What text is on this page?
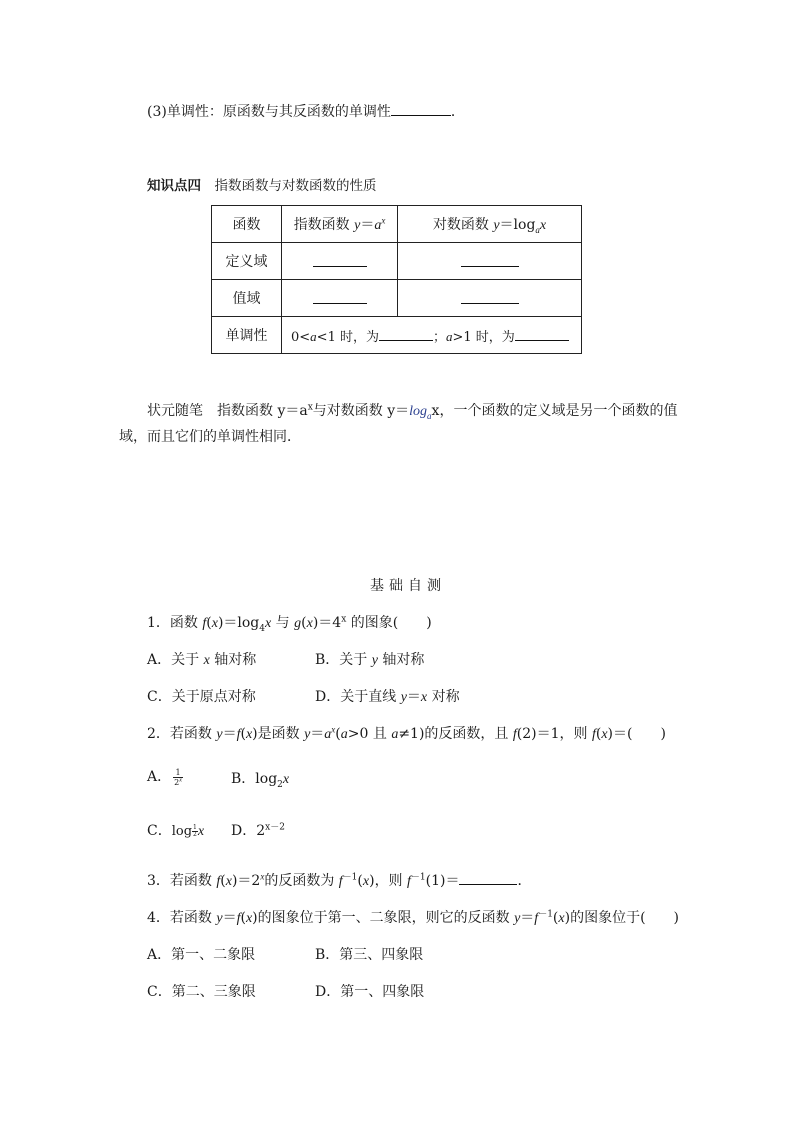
(3)单调性：原函数与其反函数的单调性	．
知识点四　 指数函数与对数函数的性质
函数	指数函数 $y=a^x$	对数函数 $y=\log_ax$
定义域		
值域		
单调性	0<a<1 时，为 ；a>1 时，为	
状元随笔　 指数函数 $y=a^x$与对数函数 $y=\log_ax$，一个函数的定义域是另一个函数的值
域，而且它们的单调性相同．
基础自测
1．函数 $f(x)=\log_4x$ 与 $g(x)=4^x$ 的图象(　　)
A．关于 x 轴对称	B．关于 y 轴对称
C．关于原点对称	D．关于直线 y＝x 对称
2．若函数 y＝f(x)是函数 $y=a^x(a>0$ 且 a≠1)的反函数，且 f(2)＝1，则 f(x)＝(　　)
A． $\frac{1}{2^x}$	B．$\log_2x$
C．$\log \frac{1}{2}$ x D．$2^{x-2}$
3．若函数 $f(x)=2^x$的反函数为 $f^{-1}(x)$，则 $f^{-1}(1)=$	．
4．若函数 y＝f(x)的图象位于第一、二象限，则它的反函数 $y=f^{-1}(x)$的图象位于(　　)
A．第一、二象限	B．第三、四象限
C．第二、三象限	D．第一、四象限
